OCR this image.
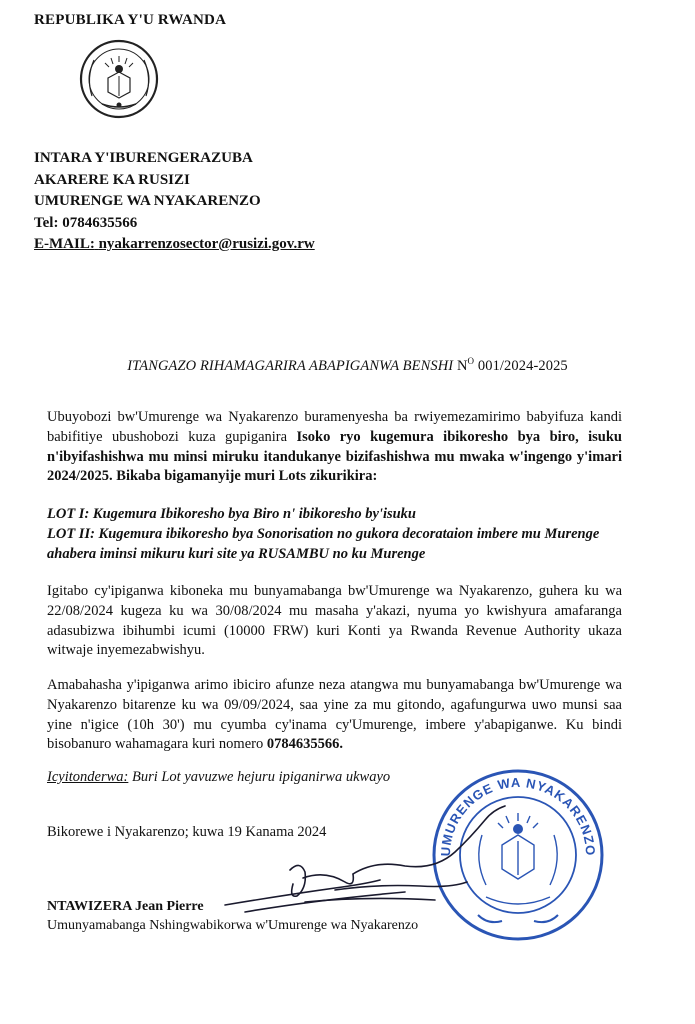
REPUBLIKA Y'U RWANDA
INTARA Y'IBURENGERAZUBA
AKARERE KA RUSIZI
UMURENGE WA NYAKARENZO
Tel: 0784635566
E-MAIL: nyakarrenzosector@rusizi.gov.rw
ITANGAZO RIHAMAGARIRA ABAPIGANWA BENSHI $N^O$ 001/2024-2025
Ubuyobozi bw'Umurenge wa Nyakarenzo buramenyesha ba rwiyemezamirimo babyifuza kandi babifitiye ubushobozi kuza gupiganira Isoko ryo kugemura ibikoresho bya biro, isuku n'ibyifashishwa mu minsi miruku itandukanye bizifashishwa mu mwaka w'ingengo y'imari 2024/2025. Bikaba bigamanyije muri Lots zikurikira:
LOT I: Kugemura Ibikoresho bya Biro n' ibikoresho by'isuku
LOT II: Kugemura ibikoresho bya Sonorisation no gukora decorataion imbere mu Murenge ahabera iminsi mikuru kuri site ya RUSAMBU no ku Murenge
Igitabo cy'ipiganwa kiboneka mu bunyamabanga bw'Umurenge wa Nyakarenzo, guhera ku wa 22/08/2024 kugeza ku wa 30/08/2024 mu masaha y'akazi, nyuma yo kwishyura amafaranga adasubizwa ibihumbi icumi (10000 FRW) kuri Konti ya Rwanda Revenue Authority ukaza witwaje inyemezabwishyu.
Amabahasha y'ipiganwa arimo ibiciro afunze neza atangwa mu bunyamabanga bw'Umurenge wa Nyakarenzo bitarenze ku wa 09/09/2024, saa yine za mu gitondo, agafungurwa uwo munsi saa yine n'igice (10h 30') mu cyumba cy'inama cy'Umurenge, imbere y'abapiganwe. Ku bindi bisobanuro wahamagara kuri nomero 0784635566.
Icyitonderwa: Buri Lot yavuzwe hejuru ipiganirwa ukwayo
Bikorewe i Nyakarenzo; kuwa 19 Kanama 2024
UMURENGE WA NYAKARENZO
NTAWIZERA Jean Pierre
Umunyamabanga Nshingwabikorwa w'Umurenge wa Nyakarenzo
